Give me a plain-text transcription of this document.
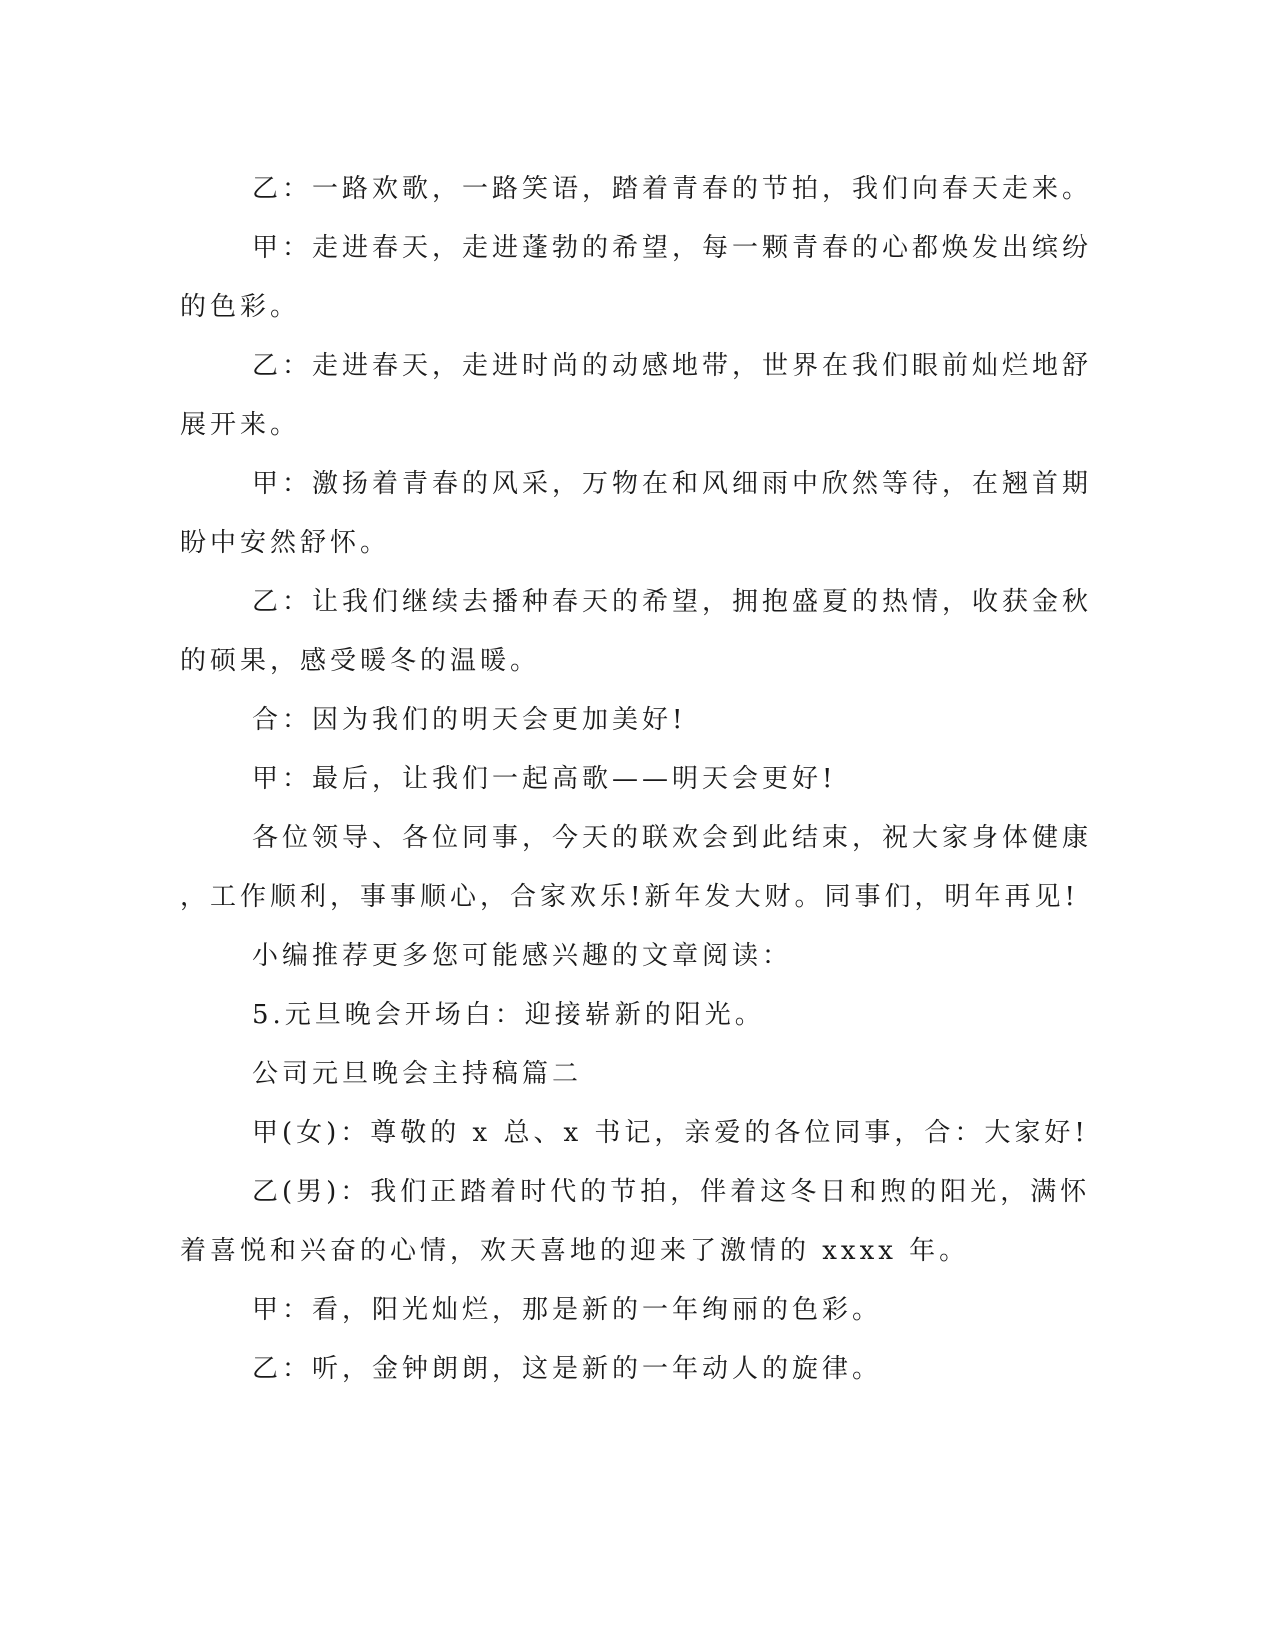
乙：一路欢歌，一路笑语，踏着青春的节拍，我们向春天走来。
甲：走进春天，走进蓬勃的希望，每一颗青春的心都焕发出缤纷
的色彩。
乙：走进春天，走进时尚的动感地带，世界在我们眼前灿烂地舒
展开来。
甲：激扬着青春的风采，万物在和风细雨中欣然等待，在翘首期
盼中安然舒怀。
乙：让我们继续去播种春天的希望，拥抱盛夏的热情，收获金秋
的硕果，感受暖冬的温暖。
合：因为我们的明天会更加美好!
甲：最后，让我们一起高歌——明天会更好!
各位领导、各位同事，今天的联欢会到此结束，祝大家身体健康
，工作顺利，事事顺心，合家欢乐!新年发大财。同事们，明年再见!
小编推荐更多您可能感兴趣的文章阅读：
5.元旦晚会开场白：迎接崭新的阳光。
公司元旦晚会主持稿篇二
甲(女)：尊敬的 x 总、x 书记，亲爱的各位同事，合：大家好!
乙(男)：我们正踏着时代的节拍，伴着这冬日和煦的阳光，满怀
着喜悦和兴奋的心情，欢天喜地的迎来了激情的 xxxx 年。
甲：看，阳光灿烂，那是新的一年绚丽的色彩。
乙：听，金钟朗朗，这是新的一年动人的旋律。
